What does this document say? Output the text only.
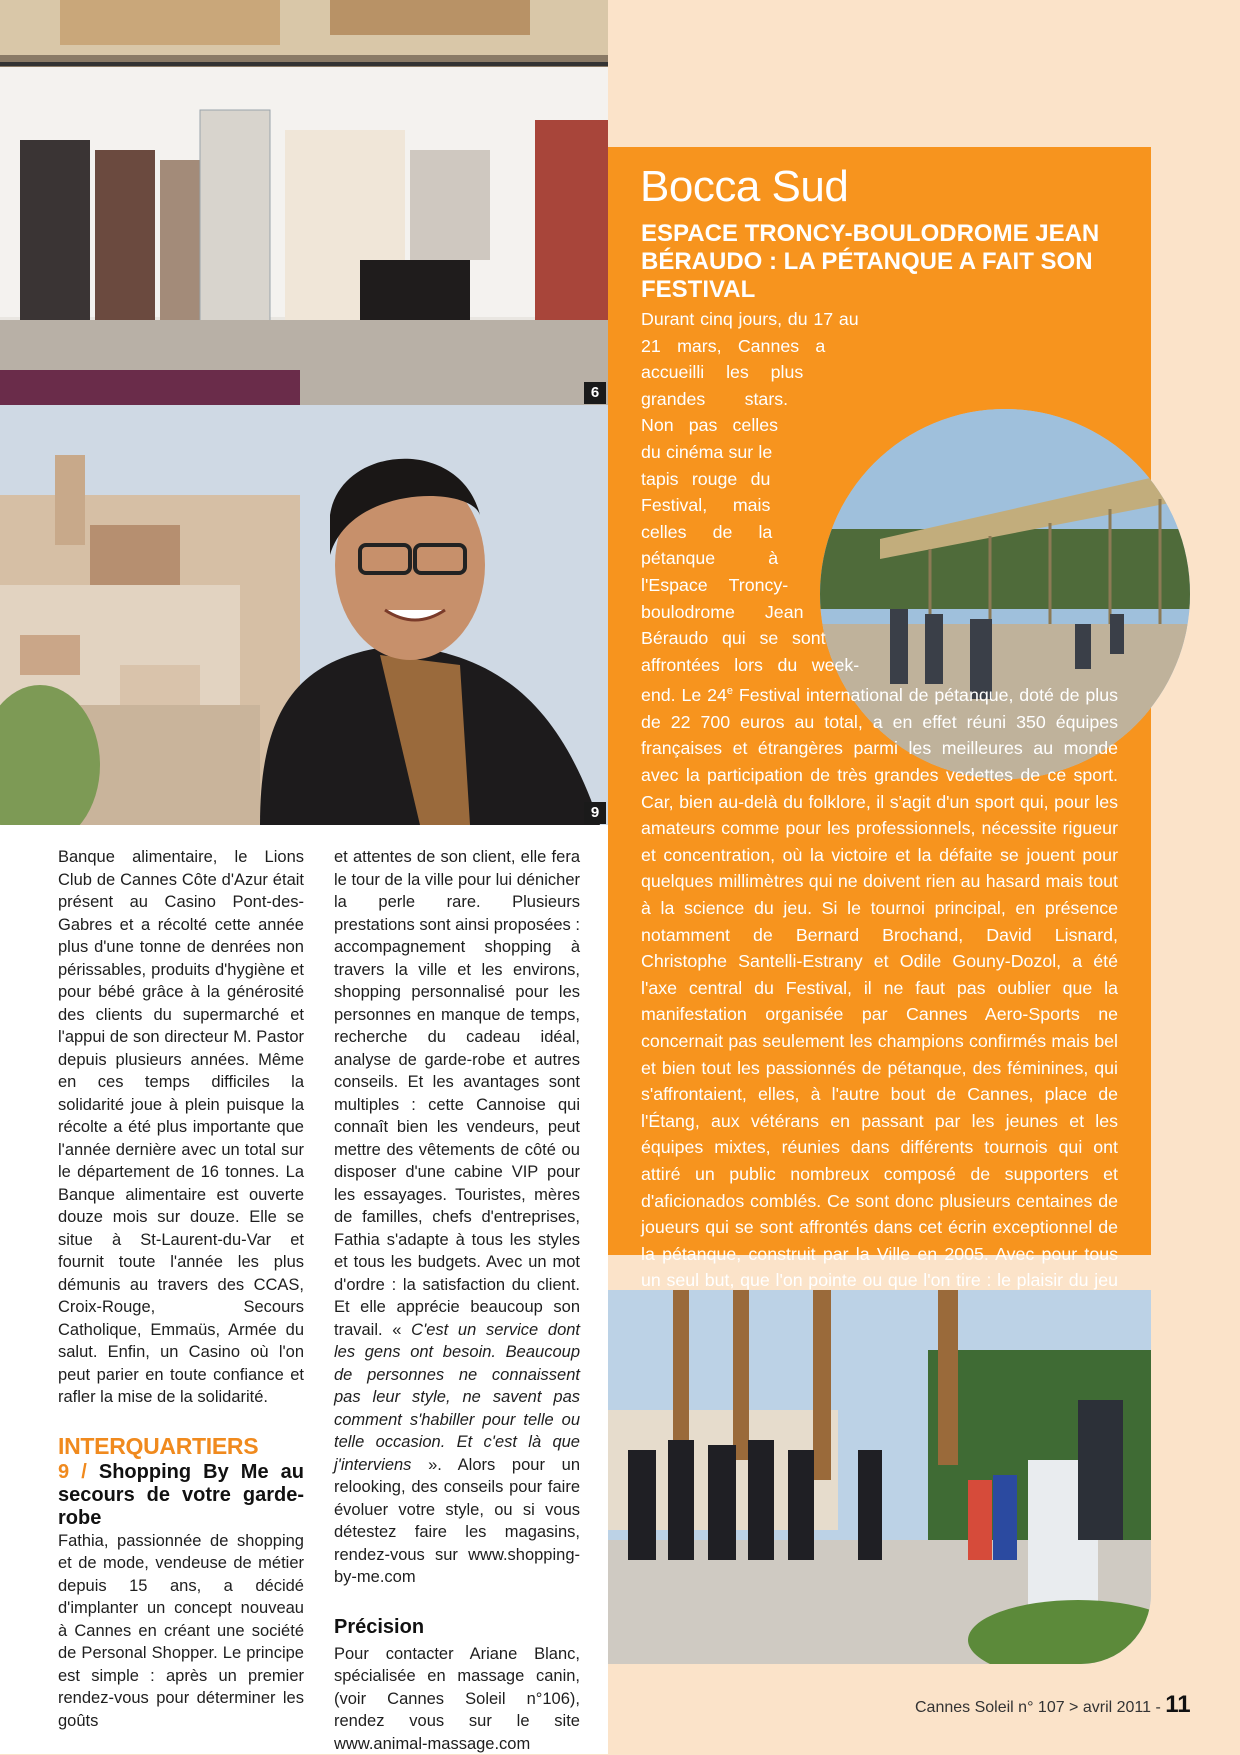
6
9

Banque alimentaire, le Lions Club de Cannes Côte d'Azur était présent au Casino Pont-des-Gabres et a récolté cette année plus d'une tonne de denrées non périssables, produits d'hygiène et pour bébé grâce à la générosité des clients du supermarché et l'appui de son directeur M. Pastor depuis plusieurs années. Même en ces temps difficiles la solidarité joue à plein puisque la récolte a été plus importante que l'année dernière avec un total sur le département de 16 tonnes. La Banque alimentaire est ouverte douze mois sur douze. Elle se situe à St-Laurent-du-Var et fournit toute l'année les plus démunis au travers des CCAS, Croix-Rouge, Secours Catholique, Emmaüs, Armée du salut. Enfin, un Casino où l'on peut parier en toute confiance et rafler la mise de la solidarité.

INTERQUARTIERS

9 / Shopping By Me au secours de votre garde-robe

Fathia, passionnée de shopping et de mode, vendeuse de métier depuis 15 ans, a décidé d'implanter un concept nouveau à Cannes en créant une société de Personal Shopper. Le principe est simple : après un premier rendez-vous pour déterminer les goûts

et attentes de son client, elle fera le tour de la ville pour lui dénicher la perle rare. Plusieurs prestations sont ainsi proposées : accompagnement shopping à travers la ville et les environs, shopping personnalisé pour les personnes en manque de temps, recherche du cadeau idéal, analyse de garde-robe et autres conseils. Et les avantages sont multiples : cette Cannoise qui connaît bien les vendeurs, peut mettre des vêtements de côté ou disposer d'une cabine VIP pour les essayages. Touristes, mères de familles, chefs d'entreprises, Fathia s'adapte à tous les styles et tous les budgets. Avec un mot d'ordre : la satisfaction du client. Et elle apprécie beaucoup son travail. « C'est un service dont les gens ont besoin. Beaucoup de personnes ne connaissent pas leur style, ne savent pas comment s'habiller pour telle ou telle occasion. Et c'est là que j'interviens ». Alors pour un relooking, des conseils pour faire évoluer votre style, ou si vous détestez faire les magasins, rendez-vous sur www.shopping-by-me.com

Précision

Pour contacter Ariane Blanc, spécialisée en massage canin, (voir Cannes Soleil n°106), rendez vous sur le site www.animal-massage.com

Bocca Sud
ESPACE TRONCY-BOULODROME JEAN BÉRAUDO : LA PÉTANQUE A FAIT SON FESTIVAL

Durant cinq jours, du 17 au 21 mars, Cannes a accueilli les plus grandes stars. Non pas celles du cinéma sur le tapis rouge du Festival, mais celles de la pétanque à l'Espace Troncy-boulodrome Jean Béraudo qui se sont affrontées lors du week-end. Le 24e Festival international de pétanque, doté de plus de 22 700 euros au total, a en effet réuni 350 équipes françaises et étrangères parmi les meilleures au monde avec la participation de très grandes vedettes de ce sport. Car, bien au-delà du folklore, il s'agit d'un sport qui, pour les amateurs comme pour les professionnels, nécessite rigueur et concentration, où la victoire et la défaite se jouent pour quelques millimètres qui ne doivent rien au hasard mais tout à la science du jeu. Si le tournoi principal, en présence notamment de Bernard Brochand, David Lisnard, Christophe Santelli-Estrany et Odile Gouny-Dozol, a été l'axe central du Festival, il ne faut pas oublier que la manifestation organisée par Cannes Aero-Sports ne concernait pas seulement les champions confirmés mais bel et bien tout les passionnés de pétanque, des féminines, qui s'affrontaient, elles, à l'autre bout de Cannes, place de l'Étang, aux vétérans en passant par les jeunes et les équipes mixtes, réunies dans différents tournois qui ont attiré un public nombreux composé de supporters et d'aficionados comblés. Ce sont donc plusieurs centaines de joueurs qui se sont affrontés dans cet écrin exceptionnel de la pétanque, construit par la Ville en 2005. Avec pour tous un seul but, que l'on pointe ou que l'on tire : le plaisir du jeu

Cannes Soleil n° 107 > avril 2011 - 11
